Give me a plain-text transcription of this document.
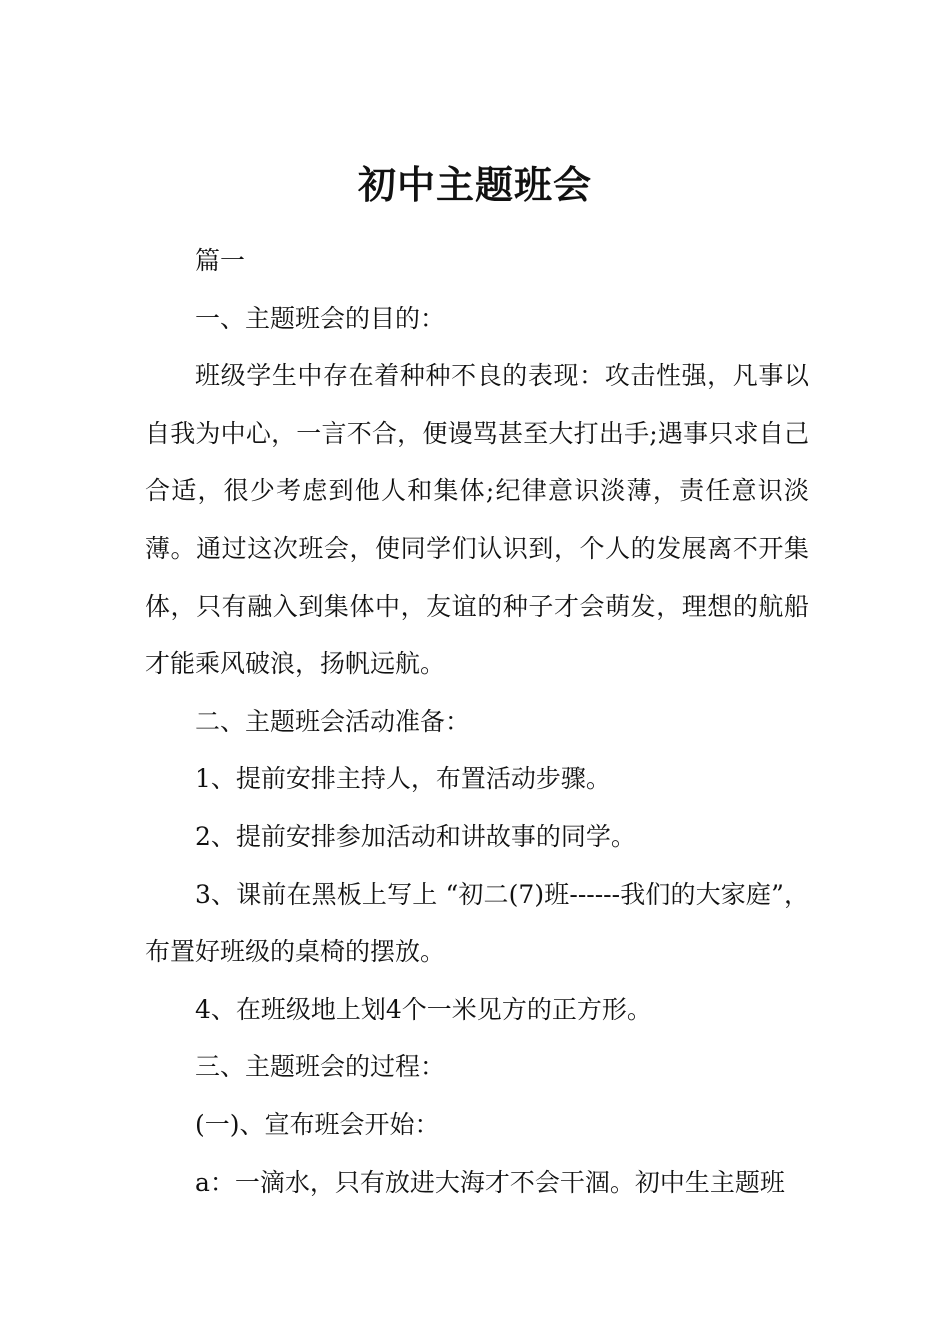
初中主题班会

篇一

一、主题班会的目的：

班级学生中存在着种种不良的表现：攻击性强，凡事以自我为中心，一言不合，便谩骂甚至大打出手;遇事只求自己合适，很少考虑到他人和集体;纪律意识淡薄，责任意识淡薄。通过这次班会，使同学们认识到，个人的发展离不开集体，只有融入到集体中，友谊的种子才会萌发，理想的航船才能乘风破浪，扬帆远航。

二、主题班会活动准备：

1、提前安排主持人，布置活动步骤。

2、提前安排参加活动和讲故事的同学。

3、课前在黑板上写上 “初二(7)班------我们的大家庭”，布置好班级的桌椅的摆放。

4、在班级地上划4个一米见方的正方形。

三、主题班会的过程：

(一)、宣布班会开始：

a：一滴水，只有放进大海才不会干涸。初中生主题班
